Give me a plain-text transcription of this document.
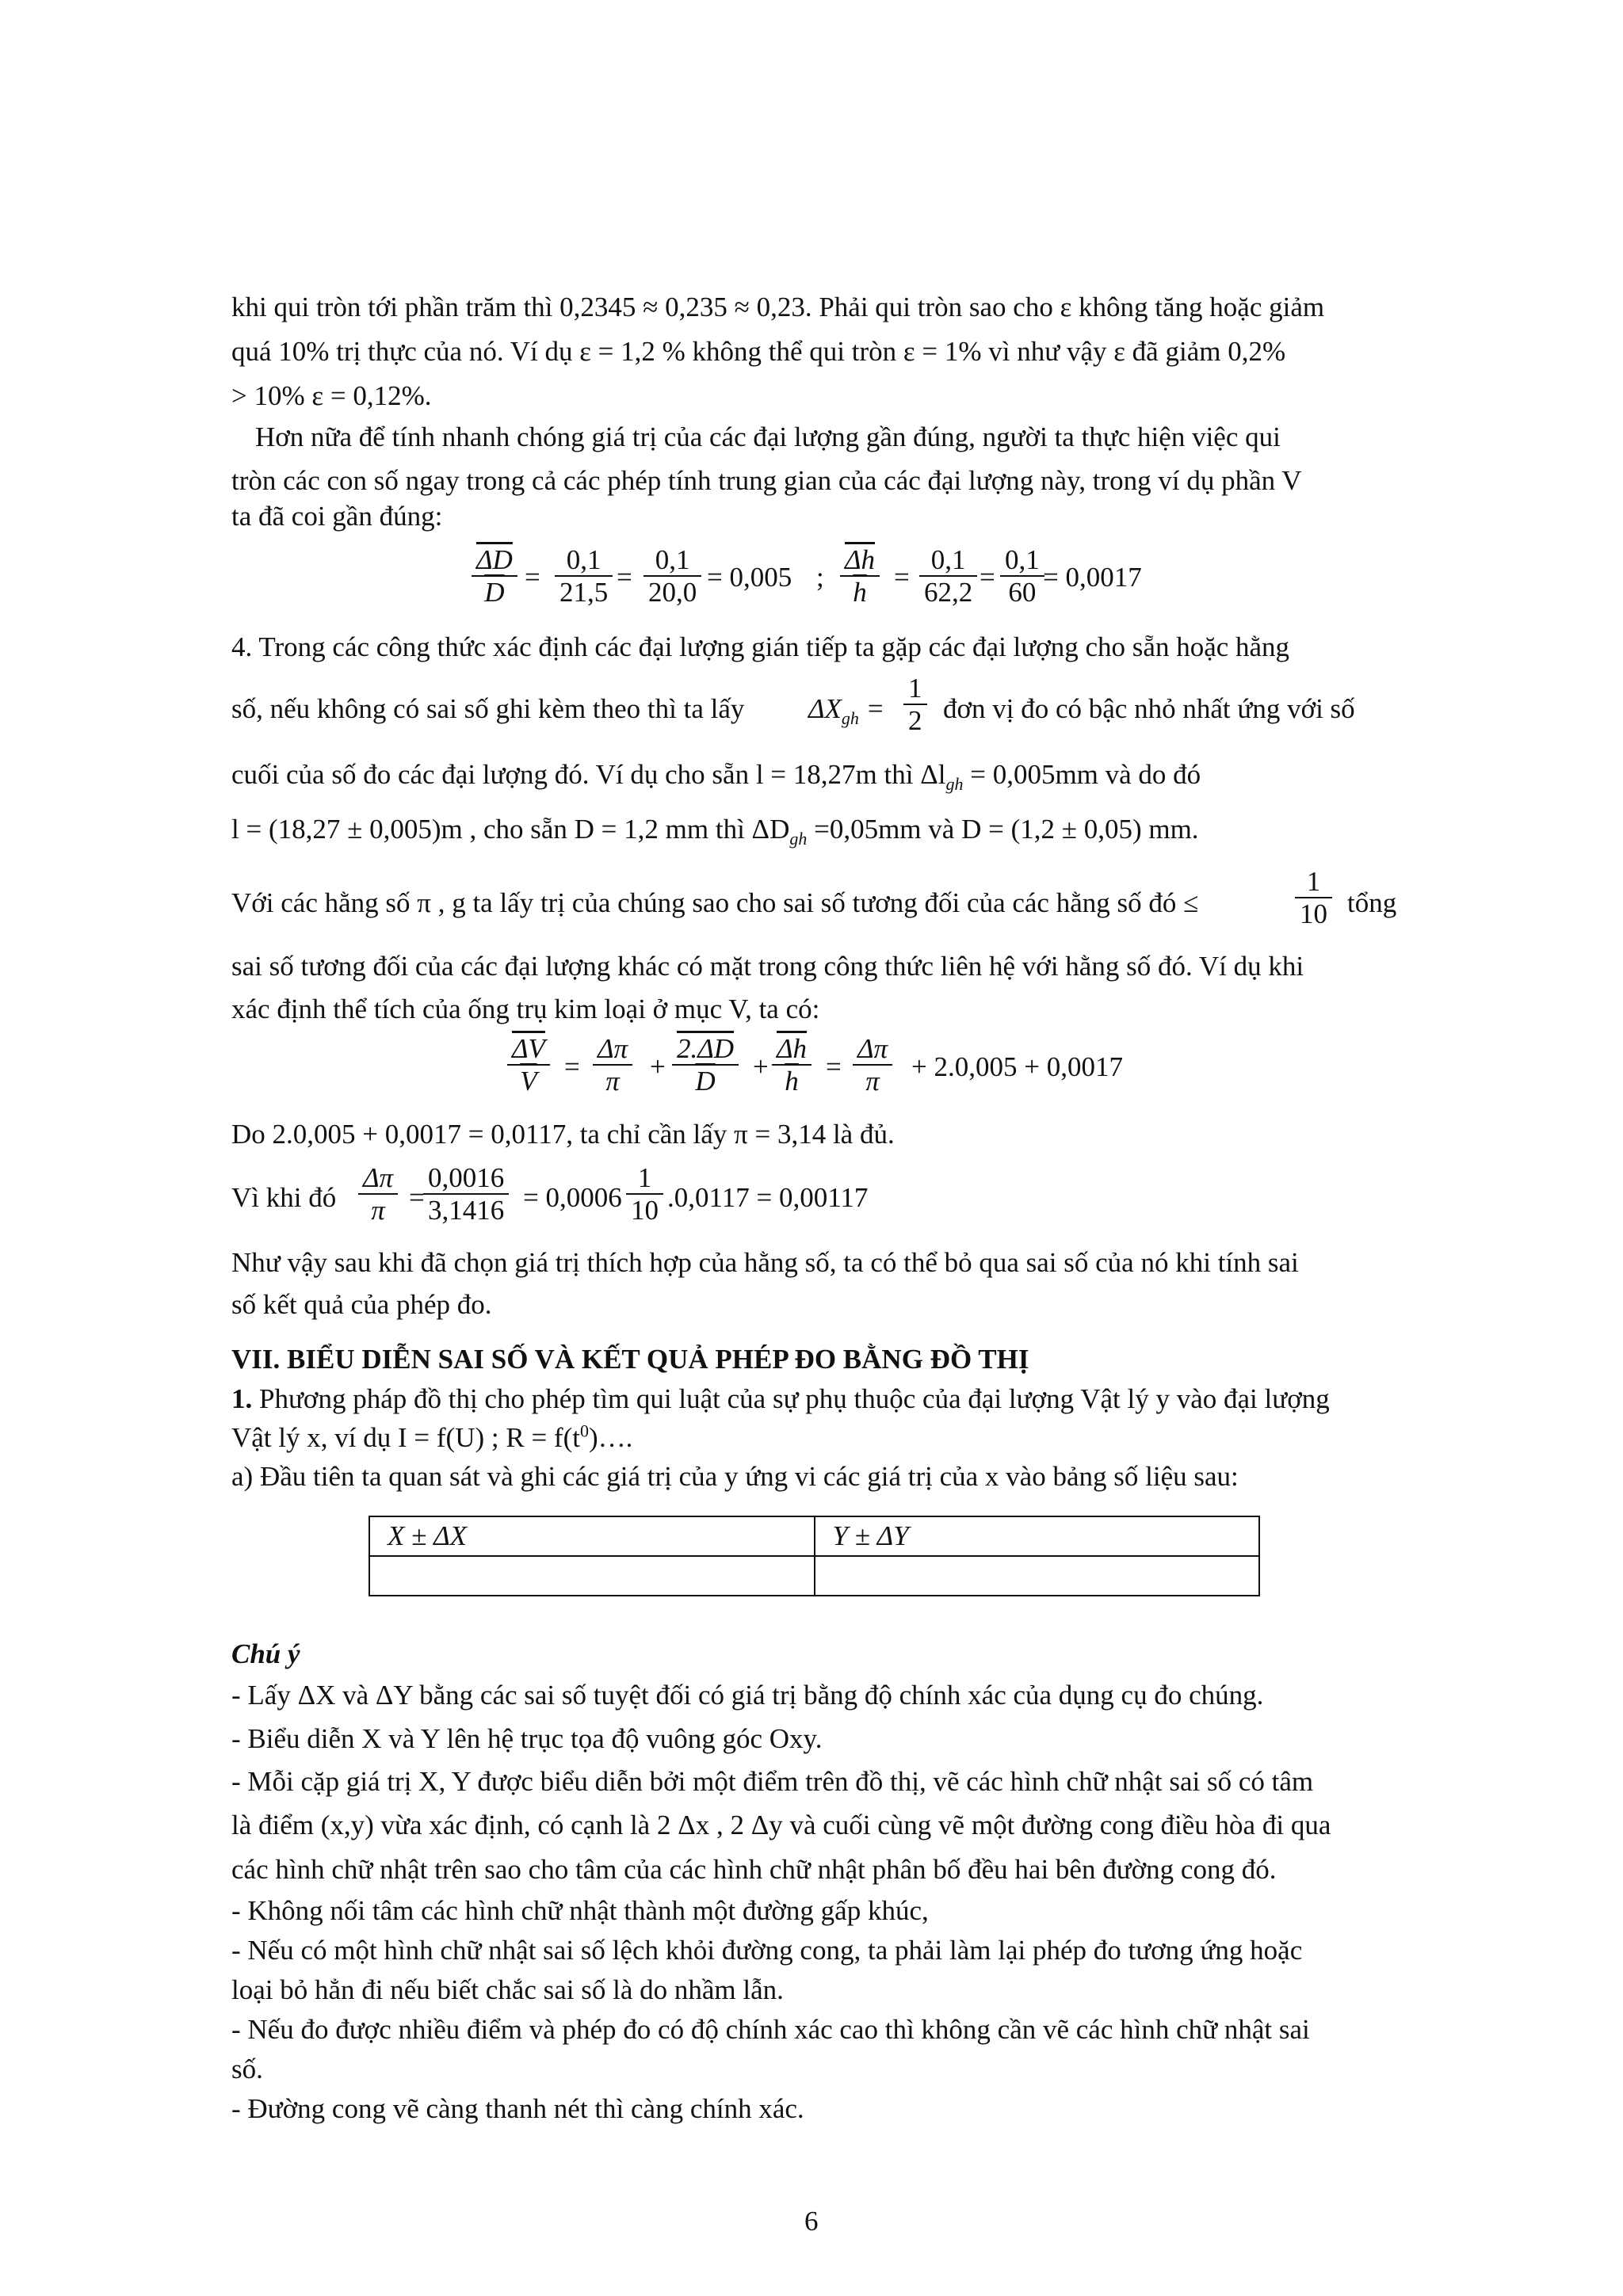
khi qui tròn tới phần trăm thì 0,2345 ≈ 0,235 ≈ 0,23. Phải qui tròn sao cho ε không tăng hoặc giảm
quá 10% trị thực của nó. Ví dụ ε = 1,2 % không thể qui tròn ε = 1% vì như vậy ε đã giảm 0,2%
> 10% ε = 0,12%.
Hơn nữa để tính nhanh chóng giá trị của các đại lượng gần đúng, người ta thực hiện việc qui
tròn các con số ngay trong cả các phép tính trung gian của các đại lượng này, trong ví dụ phần V
ta đã coi gần đúng:
$\frac{\overline{\Delta D}}{D} = \frac{0,1}{21,5} = \frac{0,1}{20,0} = 0,005$ ; $\frac{\overline{\Delta h}}{h} = \frac{0,1}{62,2} = \frac{0,1}{60}$
= 0,0017
4. Trong các công thức xác định các đại lượng gián tiếp ta gặp các đại lượng cho sẵn hoặc hằng
số, nếu không có sai số ghi kèm theo thì ta lấy $\Delta X_{gh} = \frac{1}{2}$ đơn vị đo có bậc nhỏ nhất ứng với số
cuối của số đo các đại lượng đó. Ví dụ cho sẵn l = 18,27m thì $\Delta l_{gh} = 0,005mm$ và do đó
l = (18,27 ± 0,005)m , cho sẵn D = 1,2 mm thì $\Delta D_{gh} =0,05mm$ và D = (1,2 ± 0,05) mm.
Với các hằng số π , g ta lấy trị của chúng sao cho sai số tương đối của các hằng số đó ≤	$\frac{1}{10}$ tổng
sai số tương đối của các đại lượng khác có mặt trong công thức liên hệ với hằng số đó. Ví dụ khi
xác định thể tích của ống trụ kim loại ở mục V, ta có:
$\frac{\overline{\Delta V}}{V} = \frac{\Delta\pi}{\pi} + \frac{2.\Delta D}{D} + \frac{\overline{\Delta h}}{h} = \frac{\Delta\pi}{\pi} + 2.0,005 + 0,0017$
Do 2.0,005 + 0,0017 = 0,0117, ta chỉ cần lấy π = 3,14 là đủ.
Vì khi đó $\frac{\Delta\pi}{\pi}$ =
$\frac{0,0016}{3,1416} = 0,0006 \frac{1}{10} .0,0117 = 0,00117$
Như vậy sau khi đã chọn giá trị thích hợp của hằng số, ta có thể bỏ qua sai số của nó khi tính sai
số kết quả của phép đo.
VII. BIỂU DIỄN SAI SỐ VÀ KẾT QUẢ PHÉP ĐO BẰNG ĐỒ THỊ
1. Phương pháp đồ thị cho phép tìm qui luật của sự phụ thuộc của đại lượng Vật lý y vào đại lượng
Vật lý x, ví dụ I = f(U) ; $R = f(t^0)\dots$.
a) Đầu tiên ta quan sát và ghi các giá trị của y ứng vi các giá trị của x vào bảng số liệu sau:
X ± ΔX	Y ± ΔY

Chú ý
- Lấy ΔX và ΔY bằng các sai số tuyệt đối có giá trị bằng độ chính xác của dụng cụ đo chúng.
- Biểu diễn X và Y lên hệ trục tọa độ vuông góc Oxy.
- Mỗi cặp giá trị X, Y được biểu diễn bởi một điểm trên đồ thị, vẽ các hình chữ nhật sai số có tâm
là điểm (x,y) vừa xác định, có cạnh là 2 Δx , 2 Δy và cuối cùng vẽ một đường cong điều hòa đi qua
các hình chữ nhật trên sao cho tâm của các hình chữ nhật phân bố đều hai bên đường cong đó.
- Không nối tâm các hình chữ nhật thành một đường gấp khúc,
- Nếu có một hình chữ nhật sai số lệch khỏi đường cong, ta phải làm lại phép đo tương ứng hoặc
loại bỏ hẳn đi nếu biết chắc sai số là do nhầm lẫn.
- Nếu đo được nhiều điểm và phép đo có độ chính xác cao thì không cần vẽ các hình chữ nhật sai
số.
- Đường cong vẽ càng thanh nét thì càng chính xác.
6
